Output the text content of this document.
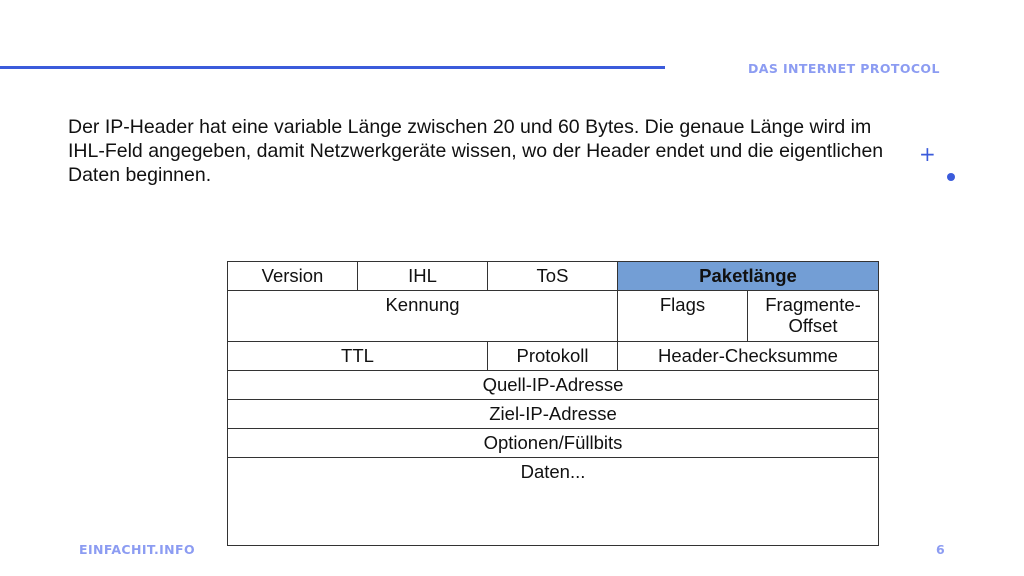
DAS INTERNET PROTOCOL

Der IP-Header hat eine variable Länge zwischen 20 und 60 Bytes. Die genaue Länge wird im IHL-Feld angegeben, damit Netzwerkgeräte wissen, wo der Header endet und die eigentlichen Daten beginnen.

+
Version	IHL	ToS	Paketlänge	
Kennung			Flags	Fragmente-
Offset
TTL		Protokoll	Header-Checksumme	
Quell-IP-Adresse				
Ziel-IP-Adresse				
Optionen/Füllbits				
Daten...				
EINFACHIT.INFO	6
